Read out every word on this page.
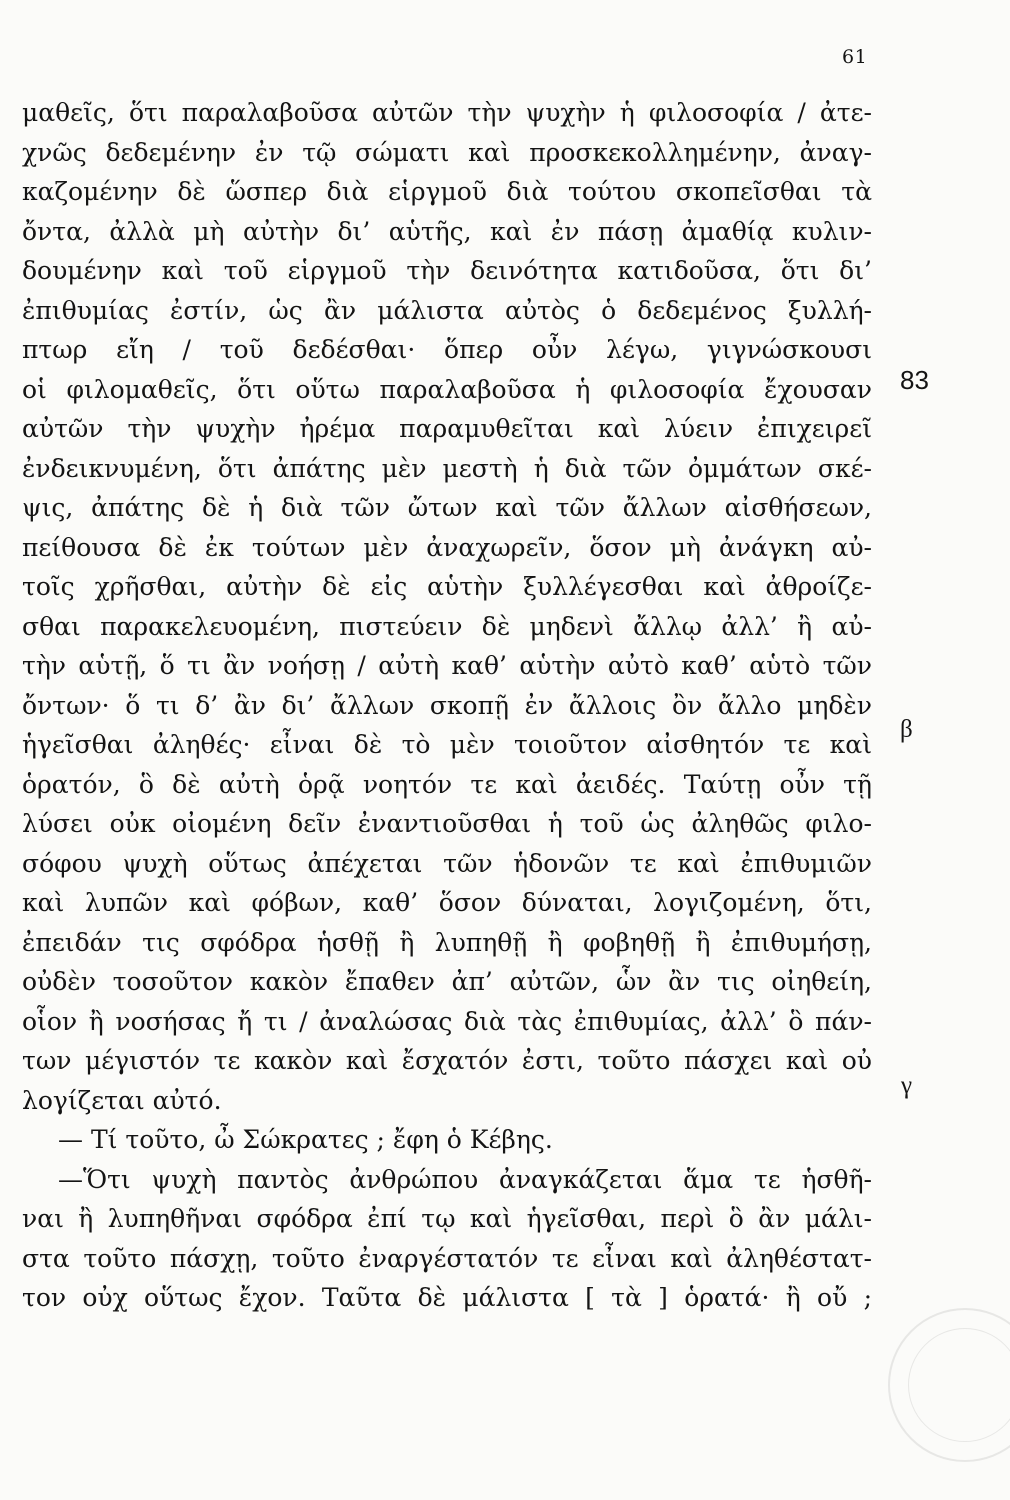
61
μαθεῖς, ὅτι παραλαβοῦσα αὐτῶν τὴν ψυχὴν ἡ φιλοσοφία / ἀτε-
χνῶς δεδεμένην ἐν τῷ σώματι καὶ προσκεκολλημένην, ἀναγ-
καζομένην δὲ ὥσπερ διὰ εἱργμοῦ διὰ τούτου σκοπεῖσθαι τὰ
ὄντα, ἀλλὰ μὴ αὐτὴν δι’ αὑτῆς, καὶ ἐν πάσῃ ἀμαθίᾳ κυλιν-
δουμένην καὶ τοῦ εἱργμοῦ τὴν δεινότητα κατιδοῦσα, ὅτι δι’
ἐπιθυμίας ἐστίν, ὡς ἂν μάλιστα αὐτὸς ὁ δεδεμένος ξυλλή-
πτωρ εἴη / τοῦ δεδέσθαι· ὅπερ οὖν λέγω, γιγνώσκουσι
οἱ φιλομαθεῖς, ὅτι οὕτω παραλαβοῦσα ἡ φιλοσοφία ἔχουσαν
αὐτῶν τὴν ψυχὴν ἠρέμα παραμυθεῖται καὶ λύειν ἐπιχειρεῖ
ἐνδεικνυμένη, ὅτι ἀπάτης μὲν μεστὴ ἡ διὰ τῶν ὀμμάτων σκέ-
ψις, ἀπάτης δὲ ἡ διὰ τῶν ὤτων καὶ τῶν ἄλλων αἰσθήσεων,
πείθουσα δὲ ἐκ τούτων μὲν ἀναχωρεῖν, ὅσον μὴ ἀνάγκη αὐ-
τοῖς χρῆσθαι, αὐτὴν δὲ εἰς αὑτὴν ξυλλέγεσθαι καὶ ἀθροίζε-
σθαι παρακελευομένη, πιστεύειν δὲ μηδενὶ ἄλλῳ ἀλλ’ ἢ αὐ-
τὴν αὑτῇ, ὅ τι ἂν νοήσῃ / αὐτὴ καθ’ αὑτὴν αὐτὸ καθ’ αὑτὸ τῶν
ὄντων· ὅ τι δ’ ἂν δι’ ἄλλων σκοπῇ ἐν ἄλλοις ὂν ἄλλο μηδὲν
ἡγεῖσθαι ἀληθές· εἶναι δὲ τὸ μὲν τοιοῦτον αἰσθητόν τε καὶ
ὁρατόν, ὃ δὲ αὐτὴ ὁρᾷ νοητόν τε καὶ ἀειδές. Ταύτῃ οὖν τῇ
λύσει οὐκ οἰομένη δεῖν ἐναντιοῦσθαι ἡ τοῦ ὡς ἀληθῶς φιλο-
σόφου ψυχὴ οὕτως ἀπέχεται τῶν ἡδονῶν τε καὶ ἐπιθυμιῶν
καὶ λυπῶν καὶ φόβων, καθ’ ὅσον δύναται, λογιζομένη, ὅτι,
ἐπειδάν τις σφόδρα ἡσθῇ ἢ λυπηθῇ ἢ φοβηθῇ ἢ ἐπιθυμήσῃ,
οὐδὲν τοσοῦτον κακὸν ἔπαθεν ἀπ’ αὐτῶν, ὧν ἂν τις οἰηθείη,
οἷον ἢ νοσήσας ἤ τι / ἀναλώσας διὰ τὰς ἐπιθυμίας, ἀλλ’ ὃ πάν-
των μέγιστόν τε κακὸν καὶ ἔσχατόν ἐστι, τοῦτο πάσχει καὶ οὐ
λογίζεται αὐτό.
— Τί τοῦτο, ὦ Σώκρατες ; ἔφη ὁ Κέβης.
—Ὅτι ψυχὴ παντὸς ἀνθρώπου ἀναγκάζεται ἅμα τε ἡσθῆ-
ναι ἢ λυπηθῆναι σφόδρα ἐπί τῳ καὶ ἡγεῖσθαι, περὶ ὃ ἂν μάλι-
στα τοῦτο πάσχῃ, τοῦτο ἐναργέστατόν τε εἶναι καὶ ἀληθέστατ-
τον οὐχ οὕτως ἔχον. Ταῦτα δὲ μάλιστα [ τὰ ] ὁρατά· ἢ οὔ ;
83
β
γ
